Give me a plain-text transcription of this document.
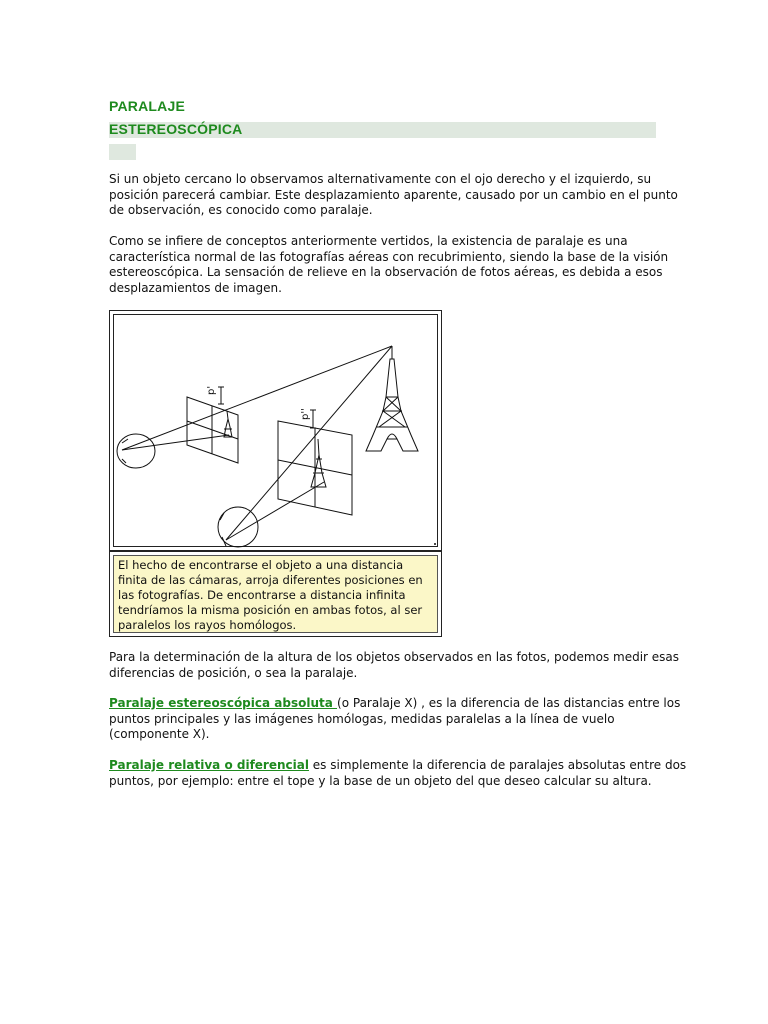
PARALAJE
ESTEREOSCÓPICA

Si un objeto cercano lo observamos alternativamente con el ojo derecho y el izquierdo, su posición parecerá cambiar. Este desplazamiento aparente, causado por un cambio en el punto de observación, es conocido como paralaje.

Como se infiere de conceptos anteriormente vertidos, la existencia de paralaje es una característica normal de las fotografías aéreas con recubrimiento, siendo la base de la visión estereoscópica. La sensación de relieve en la observación de fotos aéreas, es debida a esos desplazamientos de imagen.

p'
p''
El hecho de encontrarse el objeto a una distancia finita de las cámaras, arroja diferentes posiciones en las fotografías. De encontrarse a distancia infinita tendríamos la misma posición en ambas fotos, al ser paralelos los rayos homólogos.

Para la determinación de la altura de los objetos observados en las fotos, podemos medir esas diferencias de posición, o sea la paralaje.

Paralaje estereoscópica absoluta (o Paralaje X) , es la diferencia de las distancias entre los puntos principales y las imágenes homólogas, medidas paralelas a la línea de vuelo (componente X).

Paralaje relativa o diferencial es simplemente la diferencia de paralajes absolutas entre dos puntos, por ejemplo: entre el tope y la base de un objeto del que deseo calcular su altura.
